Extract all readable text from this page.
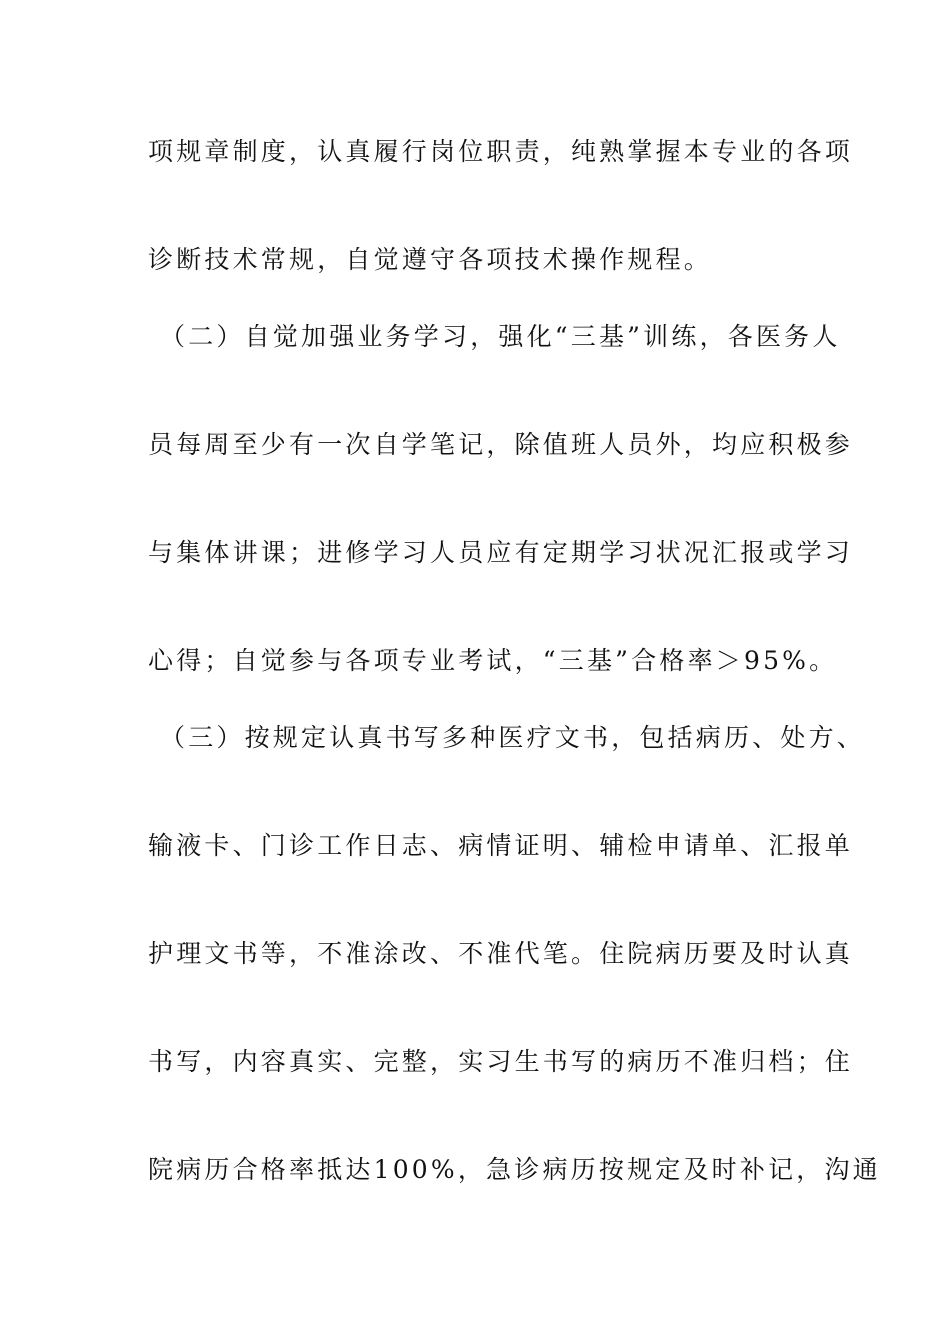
项规章制度，认真履行岗位职责，纯熟掌握本专业的各项
诊断技术常规，自觉遵守各项技术操作规程。
（二）自觉加强业务学习，强化“三基”训练，各医务人
员每周至少有一次自学笔记，除值班人员外，均应积极参
与集体讲课；进修学习人员应有定期学习状况汇报或学习
心得；自觉参与各项专业考试，“三基”合格率＞95%。
（三）按规定认真书写多种医疗文书，包括病历、处方、
输液卡、门诊工作日志、病情证明、辅检申请单、汇报单
护理文书等，不准涂改、不准代笔。住院病历要及时认真
书写，内容真实、完整，实习生书写的病历不准归档；住
院病历合格率抵达100%，急诊病历按规定及时补记，沟通
